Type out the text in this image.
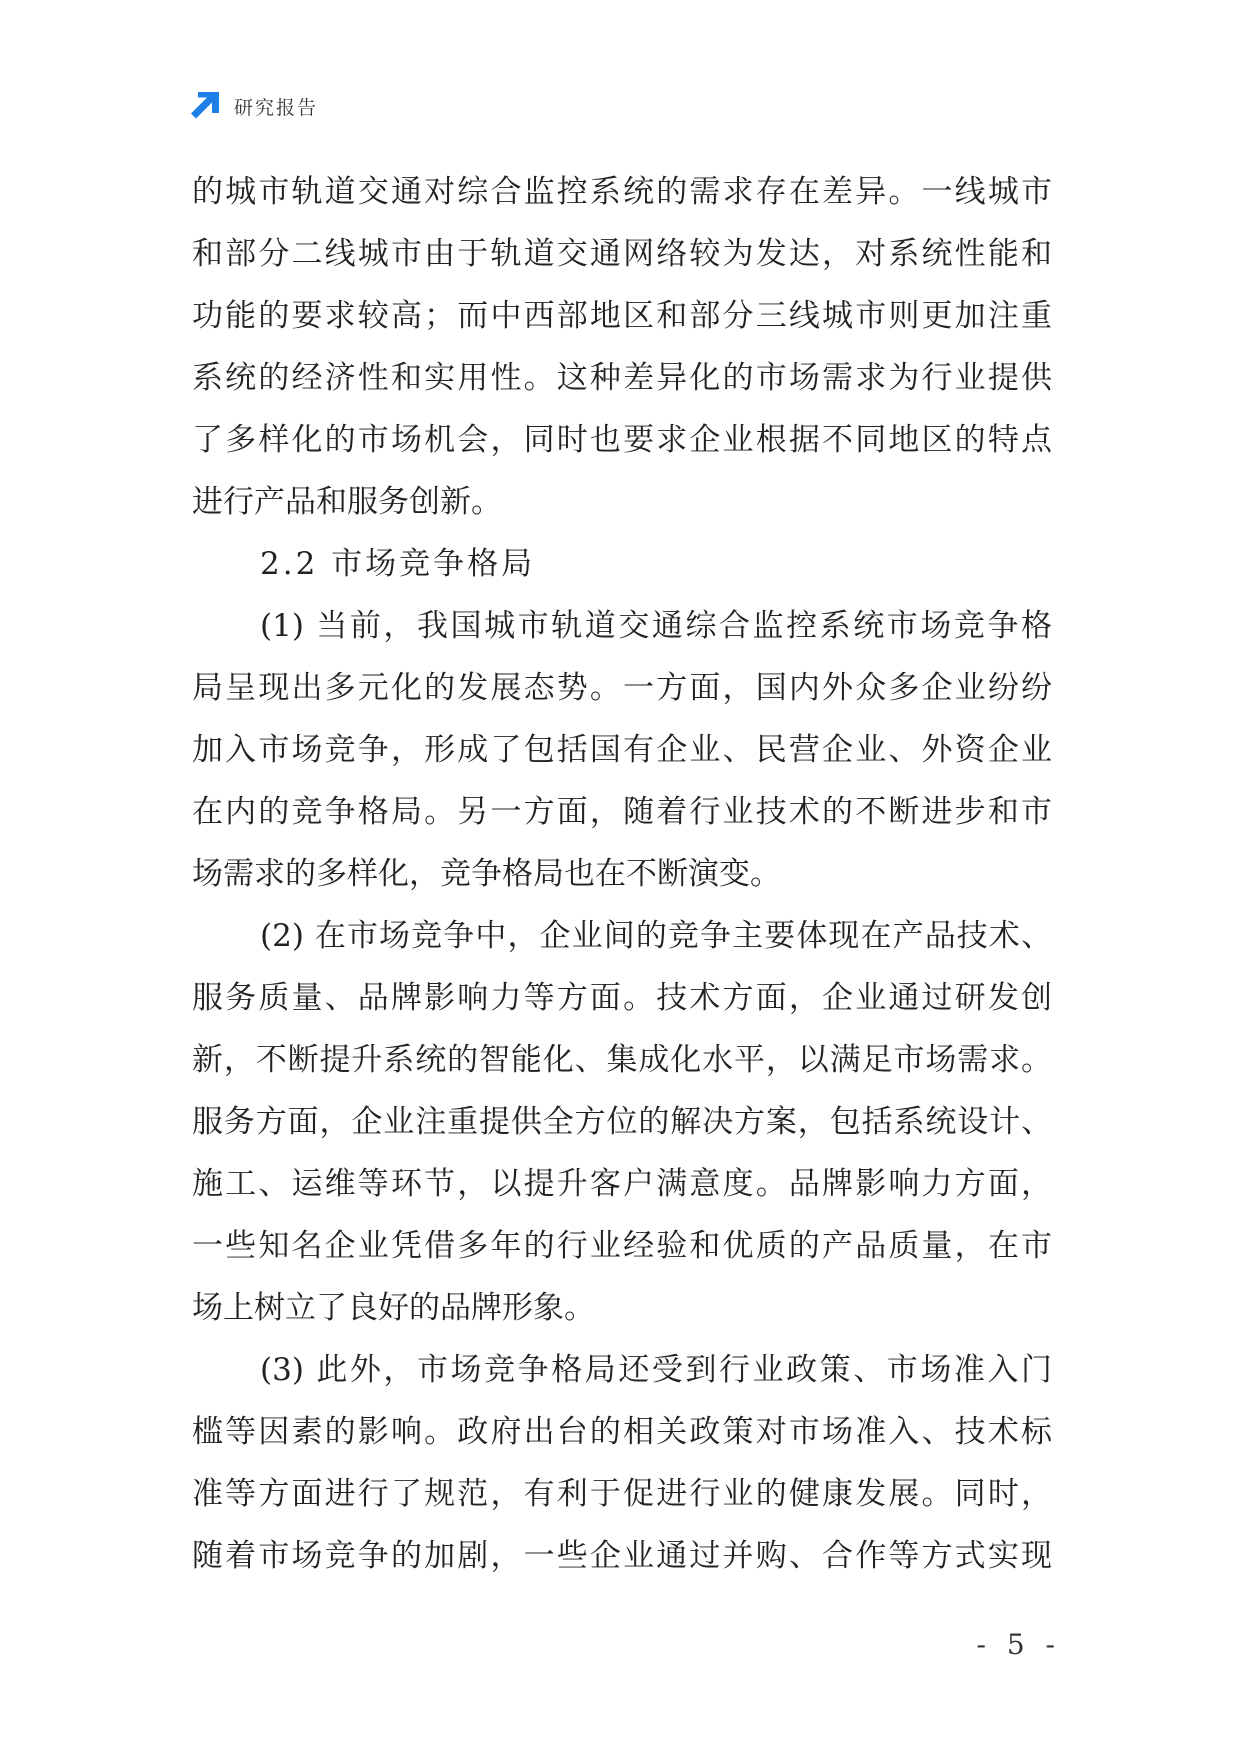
研究报告
的城市轨道交通对综合监控系统的需求存在差异。一线城市
和部分二线城市由于轨道交通网络较为发达，对系统性能和
功能的要求较高；而中西部地区和部分三线城市则更加注重
系统的经济性和实用性。这种差异化的市场需求为行业提供
了多样化的市场机会，同时也要求企业根据不同地区的特点
进行产品和服务创新。
2.2 市场竞争格局
(1) 当前，我国城市轨道交通综合监控系统市场竞争格
局呈现出多元化的发展态势。一方面，国内外众多企业纷纷
加入市场竞争，形成了包括国有企业、民营企业、外资企业
在内的竞争格局。另一方面，随着行业技术的不断进步和市
场需求的多样化，竞争格局也在不断演变。
(2) 在市场竞争中，企业间的竞争主要体现在产品技术、
服务质量、品牌影响力等方面。技术方面，企业通过研发创
新，不断提升系统的智能化、集成化水平，以满足市场需求。
服务方面，企业注重提供全方位的解决方案，包括系统设计、
施工、运维等环节，以提升客户满意度。品牌影响力方面，
一些知名企业凭借多年的行业经验和优质的产品质量，在市
场上树立了良好的品牌形象。
(3) 此外，市场竞争格局还受到行业政策、市场准入门
槛等因素的影响。政府出台的相关政策对市场准入、技术标
准等方面进行了规范，有利于促进行业的健康发展。同时，
随着市场竞争的加剧，一些企业通过并购、合作等方式实现
- 5 -
